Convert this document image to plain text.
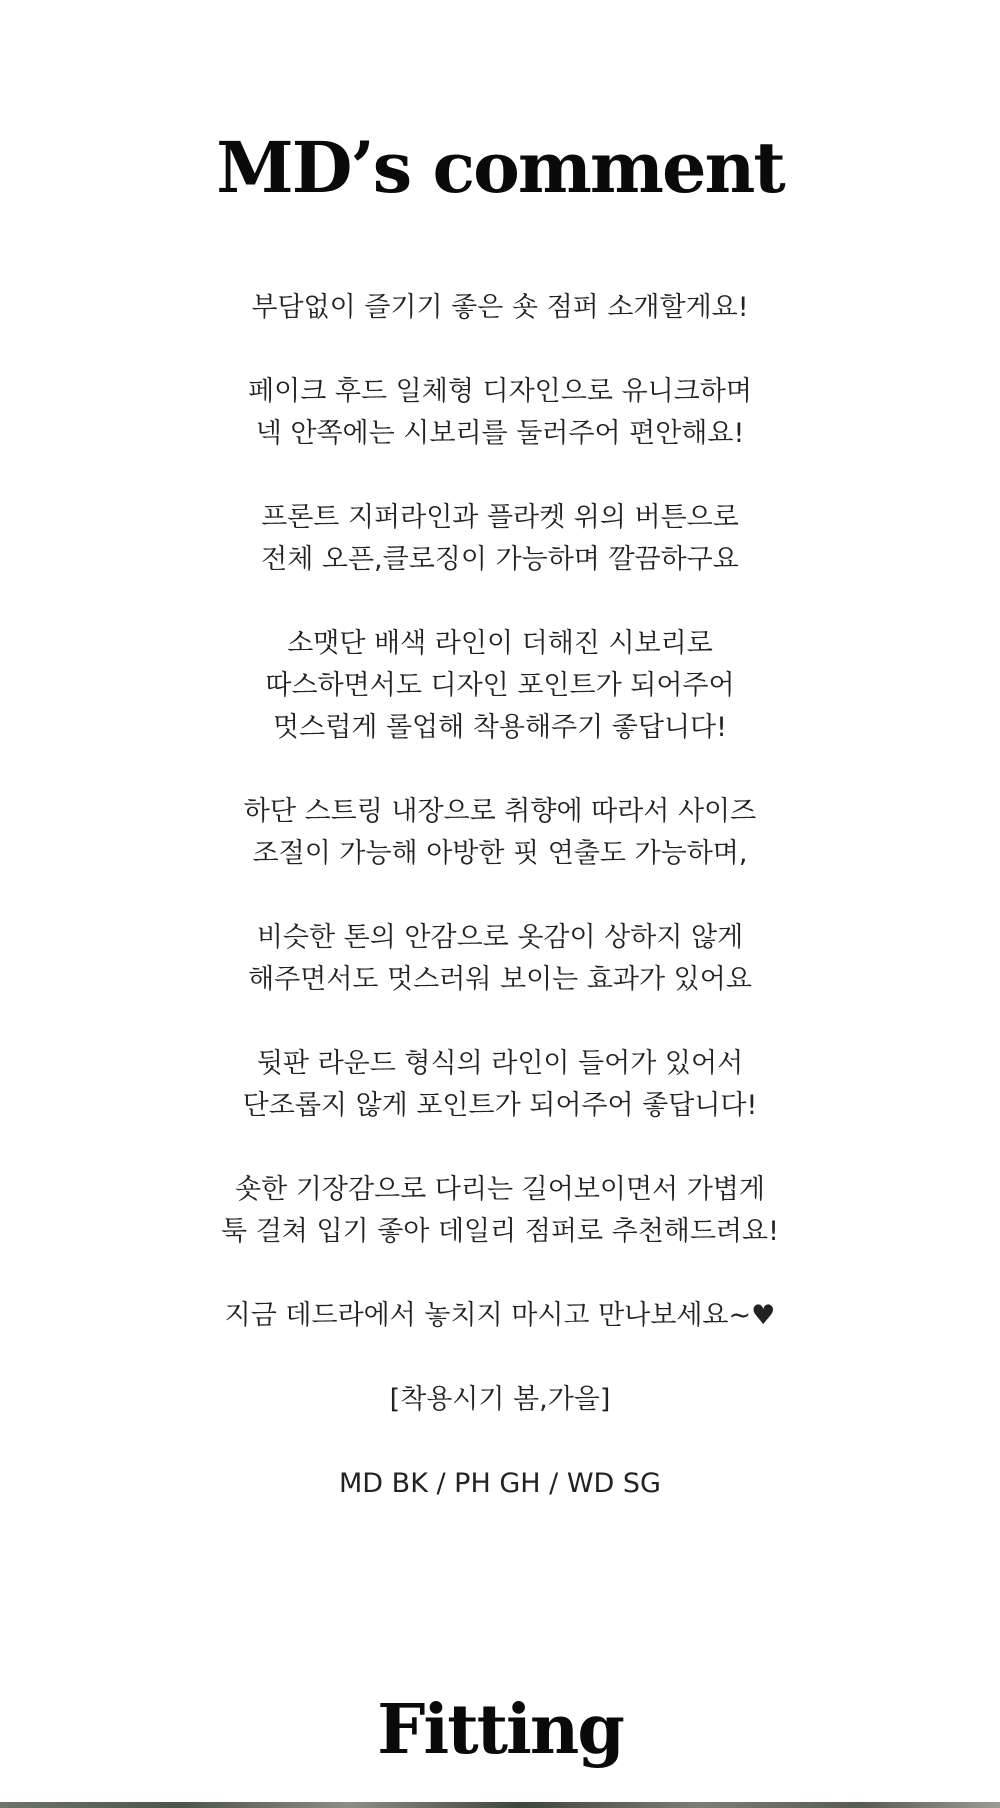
MD’s comment

부담없이 즐기기 좋은 숏 점퍼 소개할게요!

페이크 후드 일체형 디자인으로 유니크하며
넥 안쪽에는 시보리를 둘러주어 편안해요!

프론트 지퍼라인과 플라켓 위의 버튼으로
전체 오픈,클로징이 가능하며 깔끔하구요

소맷단 배색 라인이 더해진 시보리로
따스하면서도 디자인 포인트가 되어주어
멋스럽게 롤업해 착용해주기 좋답니다!

하단 스트링 내장으로 취향에 따라서 사이즈
조절이 가능해 아방한 핏 연출도 가능하며,

비슷한 톤의 안감으로 옷감이 상하지 않게
해주면서도 멋스러워 보이는 효과가 있어요

뒷판 라운드 형식의 라인이 들어가 있어서
단조롭지 않게 포인트가 되어주어 좋답니다!

숏한 기장감으로 다리는 길어보이면서 가볍게
툭 걸쳐 입기 좋아 데일리 점퍼로 추천해드려요!

지금 데드라에서 놓치지 마시고 만나보세요~♥

[착용시기 봄,가을]

MD BK / PH GH / WD SG

Fitting
